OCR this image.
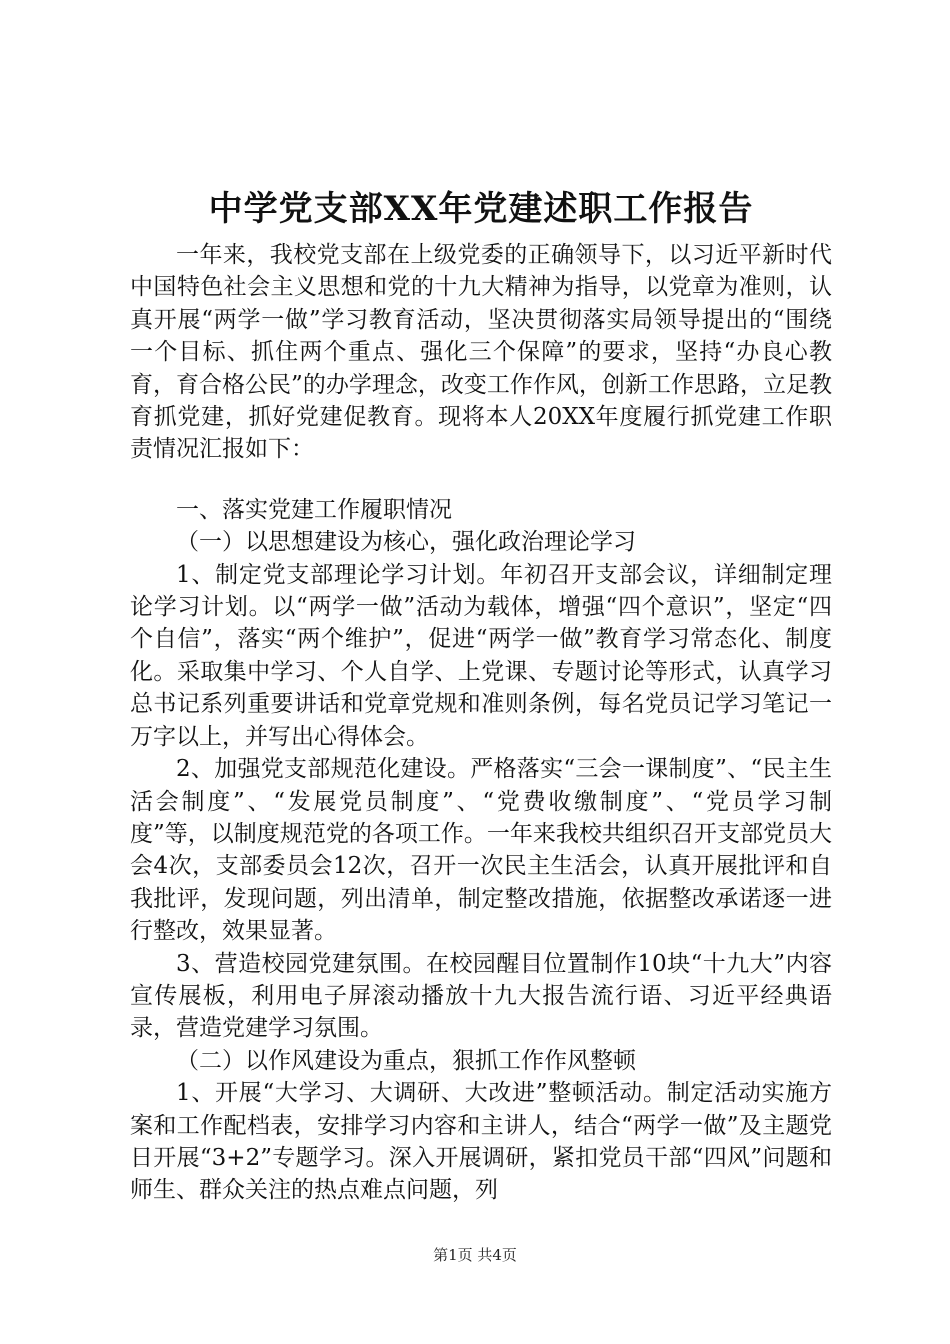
中学党支部XX年党建述职工作报告

一年来，我校党支部在上级党委的正确领导下，以习近平新时代中国特色社会主义思想和党的十九大精神为指导，以党章为准则，认真开展“两学一做”学习教育活动，坚决贯彻落实局领导提出的“围绕一个目标、抓住两个重点、强化三个保障”的要求，坚持“办良心教育，育合格公民”的办学理念，改变工作作风，创新工作思路，立足教育抓党建，抓好党建促教育。现将本人20XX年度履行抓党建工作职责情况汇报如下：

一、落实党建工作履职情况

（一）以思想建设为核心，强化政治理论学习

1、制定党支部理论学习计划。年初召开支部会议，详细制定理论学习计划。以“两学一做”活动为载体，增强“四个意识”，坚定“四个自信”，落实“两个维护”，促进“两学一做”教育学习常态化、制度化。采取集中学习、个人自学、上党课、专题讨论等形式，认真学习总书记系列重要讲话和党章党规和准则条例，每名党员记学习笔记一万字以上，并写出心得体会。

2、加强党支部规范化建设。严格落实“三会一课制度”、“民主生活会制度”、“发展党员制度”、“党费收缴制度”、“党员学习制度”等，以制度规范党的各项工作。一年来我校共组织召开支部党员大会4次，支部委员会12次，召开一次民主生活会，认真开展批评和自我批评，发现问题，列出清单，制定整改措施，依据整改承诺逐一进行整改，效果显著。

3、营造校园党建氛围。在校园醒目位置制作10块“十九大”内容宣传展板，利用电子屏滚动播放十九大报告流行语、习近平经典语录，营造党建学习氛围。

（二）以作风建设为重点，狠抓工作作风整顿

1、开展“大学习、大调研、大改进”整顿活动。制定活动实施方案和工作配档表，安排学习内容和主讲人，结合“两学一做”及主题党日开展“3+2”专题学习。深入开展调研，紧扣党员干部“四风”问题和师生、群众关注的热点难点问题，列

第1页 共4页
